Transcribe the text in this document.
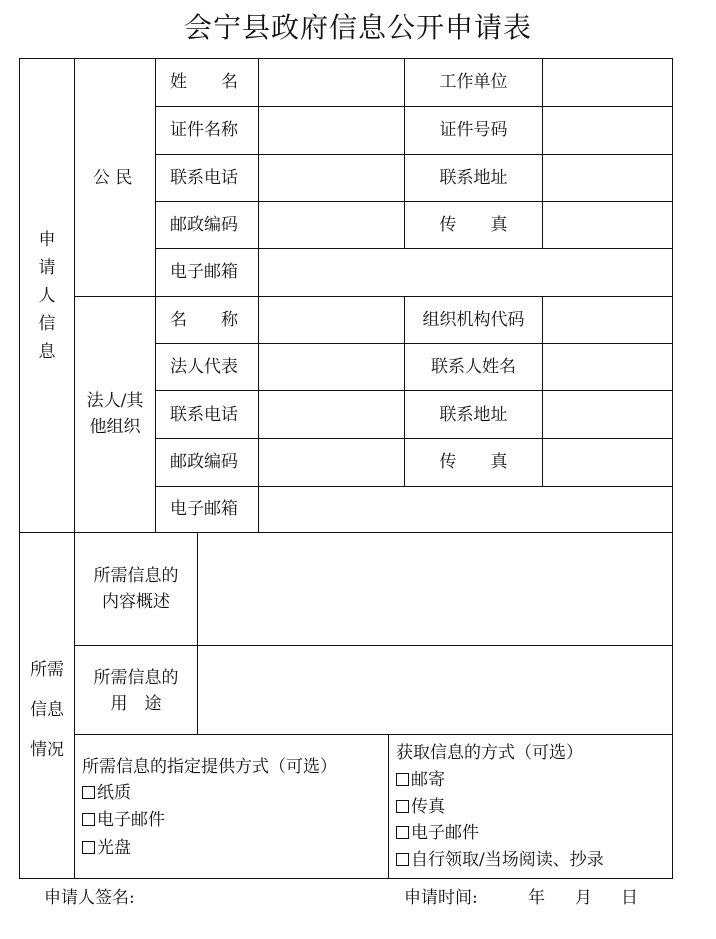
会宁县政府信息公开申请表
申请人信息
公 民
姓　　名	工作单位
证件名称	证件号码
联系电话	联系地址
邮政编码	传　　真
电子邮箱
法人/其
他组织
名　　称	组织机构代码
法人代表	联系人姓名
联系电话	联系地址
邮政编码	传　　真
电子邮箱
所需
信息
情况
所需信息的
内容概述
所需信息的
用　途
所需信息的指定提供方式（可选）
纸质
电子邮件
光盘
获取信息的方式（可选）
邮寄
传真
电子邮件
自行领取/当场阅读、抄录
申请人签名:	申请时间:	年 月 日
